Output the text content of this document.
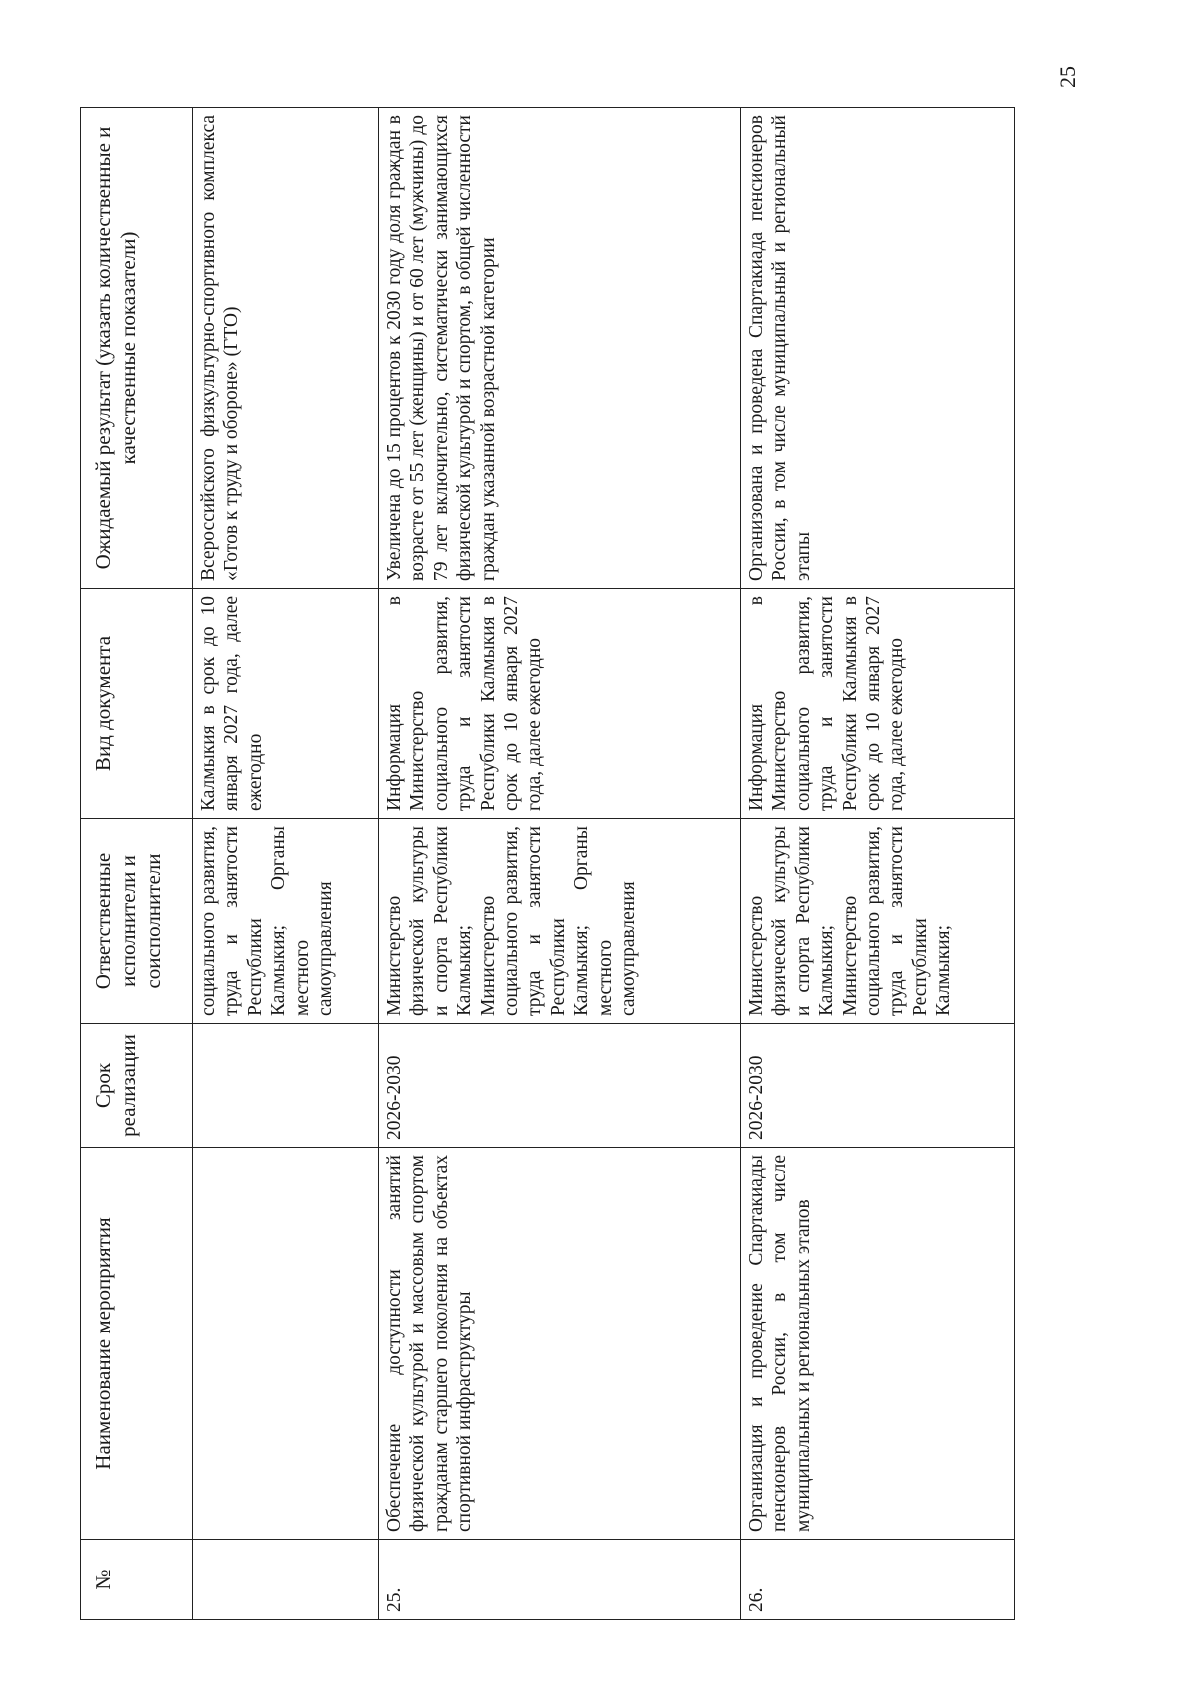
25
№	Наименование мероприятия	Срок реализации	Ответственные исполнители и соисполнители	Вид документа	Ожидаемый результат (указать количественные и качественные показатели)
			социального развития, труда и занятости Республики Калмыкия; Органы местного самоуправления	Калмыкия в срок до 10 января 2027 года, далее ежегодно	Всероссийского физкультурно-спортивного комплекса «Готов к труду и обороне» (ГТО)
25.	Обеспечение доступности занятий физической культурой и массовым спортом гражданам старшего поколения на объектах спортивной инфраструктуры	2026-2030	Министерство физической культуры и спорта Республики Калмыкия; Министерство социального развития, труда и занятости Республики Калмыкия; Органы местного самоуправления	Информация в Министерство социального развития, труда и занятости Республики Калмыкия в срок до 10 января 2027 года, далее ежегодно	Увеличена до 15 процентов к 2030 году доля граждан в возрасте от 55 лет (женщины) и от 60 лет (мужчины) до 79 лет включительно, систематически занимающихся физической культурой и спортом, в общей численности граждан указанной возрастной категории
26.	Организация и проведение Спартакиады пенсионеров России, в том числе муниципальных и региональных этапов	2026-2030	Министерство физической культуры и спорта Республики Калмыкия; Министерство социального развития, труда и занятости Республики Калмыкия;	Информация в Министерство социального развития, труда и занятости Республики Калмыкия в срок до 10 января 2027 года, далее ежегодно	Организована и проведена Спартакиада пенсионеров России, в том числе муниципальный и региональный этапы
